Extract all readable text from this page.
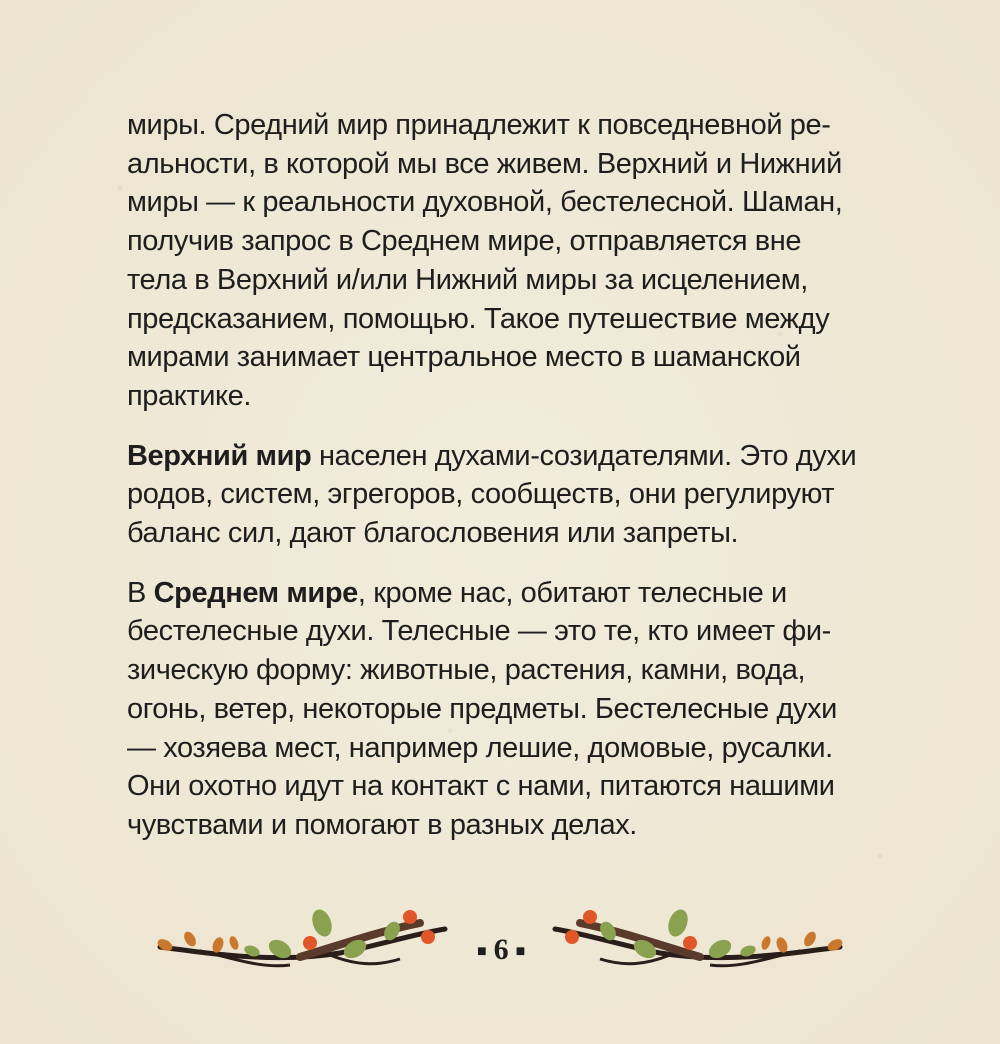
миры. Средний мир принадлежит к повседневной ре-
альности, в которой мы все живем. Верхний и Нижний
миры — к реальности духовной, бестелесной. Шаман,
получив запрос в Среднем мире, отправляется вне
тела в Верхний и/или Нижний миры за исцелением,
предсказанием, помощью. Такое путешествие между
мирами занимает центральное место в шаманской
практике.
Верхний мир населен духами-созидателями. Это духи
родов, систем, эгрегоров, сообществ, они регулируют
баланс сил, дают благословения или запреты.
В Среднем мире, кроме нас, обитают телесные и
бестелесные духи. Телесные — это те, кто имеет фи-
зическую форму: животные, растения, камни, вода,
огонь, ветер, некоторые предметы. Бестелесные духи
— хозяева мест, например лешие, домовые, русалки.
Они охотно идут на контакт с нами, питаются нашими
чувствами и помогают в разных делах.
■ 6 ■
